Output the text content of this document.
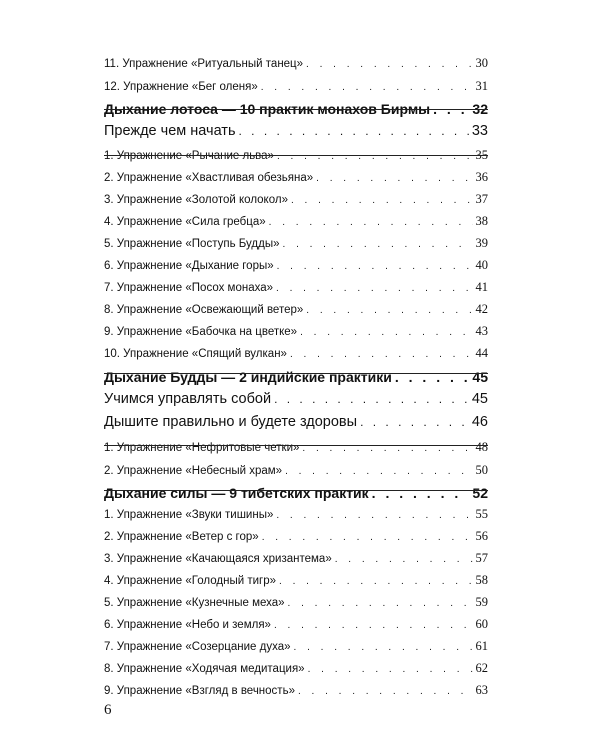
11. Упражнение «Ритуальный танец» . . .	30
12. Упражнение «Бег оленя» . . .	31
Дыхание лотоса — 10 практик монахов Бирмы . . .	32
Прежде чем начать . . .	33
1. Упражнение «Рычание льва» . . .	35
2. Упражнение «Хвастливая обезьяна» . . .	36
3. Упражнение «Золотой колокол» . . .	37
4. Упражнение «Сила гребца» . . .	38
5. Упражнение «Поступь Будды» . . .	39
6. Упражнение «Дыхание горы» . . .	40
7. Упражнение «Посох монаха» . . .	41
8. Упражнение «Освежающий ветер» . . .	42
9. Упражнение «Бабочка на цветке» . . .	43
10. Упражнение «Спящий вулкан» . . .	44
Дыхание Будды — 2 индийские практики . . .	45
Учимся управлять собой . . .	45
Дышите правильно и будете здоровы . . .	46
1. Упражнение «Нефритовые четки» . . .	48
2. Упражнение «Небесный храм» . . .	50
Дыхание силы — 9 тибетских практик . . .	52
1. Упражнение «Звуки тишины» . . .	55
2. Упражнение «Ветер с гор» . . .	56
3. Упражнение «Качающаяся хризантема» . . .	57
4. Упражнение «Голодный тигр» . . .	58
5. Упражнение «Кузнечные меха» . . .	59
6. Упражнение «Небо и земля» . . .	60
7. Упражнение «Созерцание духа» . . .	61
8. Упражнение «Ходячая медитация» . . .	62
9. Упражнение «Взгляд в вечность» . . .	63
6
